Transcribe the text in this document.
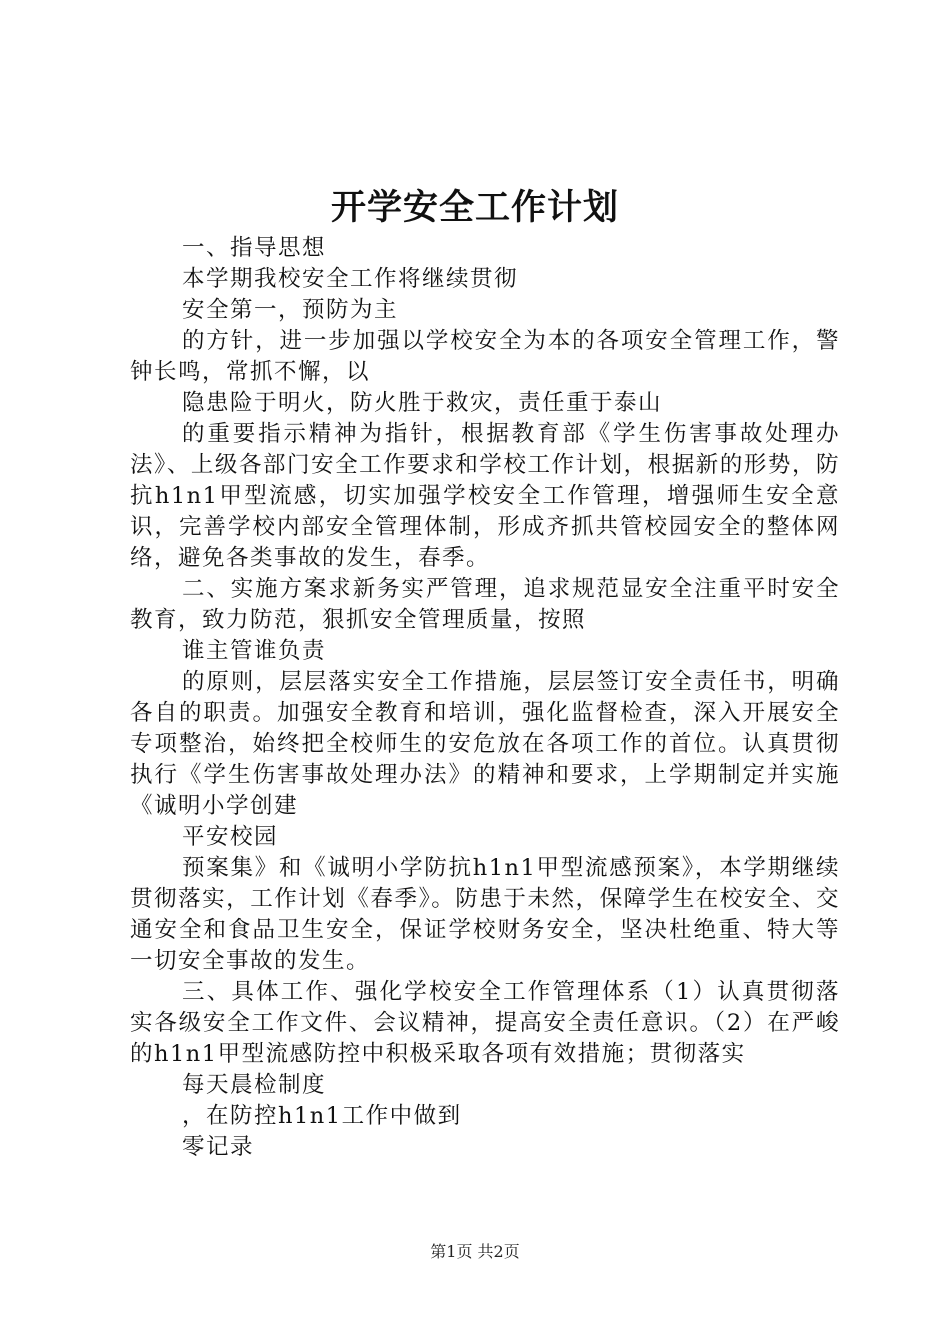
开学安全工作计划

一、指导思想

本学期我校安全工作将继续贯彻

安全第一，预防为主

的方针，进一步加强以学校安全为本的各项安全管理工作，警钟长鸣，常抓不懈，以

隐患险于明火，防火胜于救灾，责任重于泰山

的重要指示精神为指针，根据教育部《学生伤害事故处理办法》、上级各部门安全工作要求和学校工作计划，根据新的形势，防抗h1n1甲型流感，切实加强学校安全工作管理，增强师生安全意识，完善学校内部安全管理体制，形成齐抓共管校园安全的整体网络，避免各类事故的发生，春季。

二、实施方案求新务实严管理，追求规范显安全注重平时安全教育，致力防范，狠抓安全管理质量，按照

谁主管谁负责

的原则，层层落实安全工作措施，层层签订安全责任书，明确各自的职责。加强安全教育和培训，强化监督检查，深入开展安全专项整治，始终把全校师生的安危放在各项工作的首位。认真贯彻执行《学生伤害事故处理办法》的精神和要求，上学期制定并实施《诚明小学创建

平安校园

预案集》和《诚明小学防抗h1n1甲型流感预案》，本学期继续贯彻落实，工作计划《春季》。防患于未然，保障学生在校安全、交通安全和食品卫生安全，保证学校财务安全，坚决杜绝重、特大等一切安全事故的发生。

三、具体工作、强化学校安全工作管理体系（1）认真贯彻落实各级安全工作文件、会议精神，提高安全责任意识。（2）在严峻的h1n1甲型流感防控中积极采取各项有效措施；贯彻落实

每天晨检制度

，在防控h1n1工作中做到

零记录

第1页 共2页
